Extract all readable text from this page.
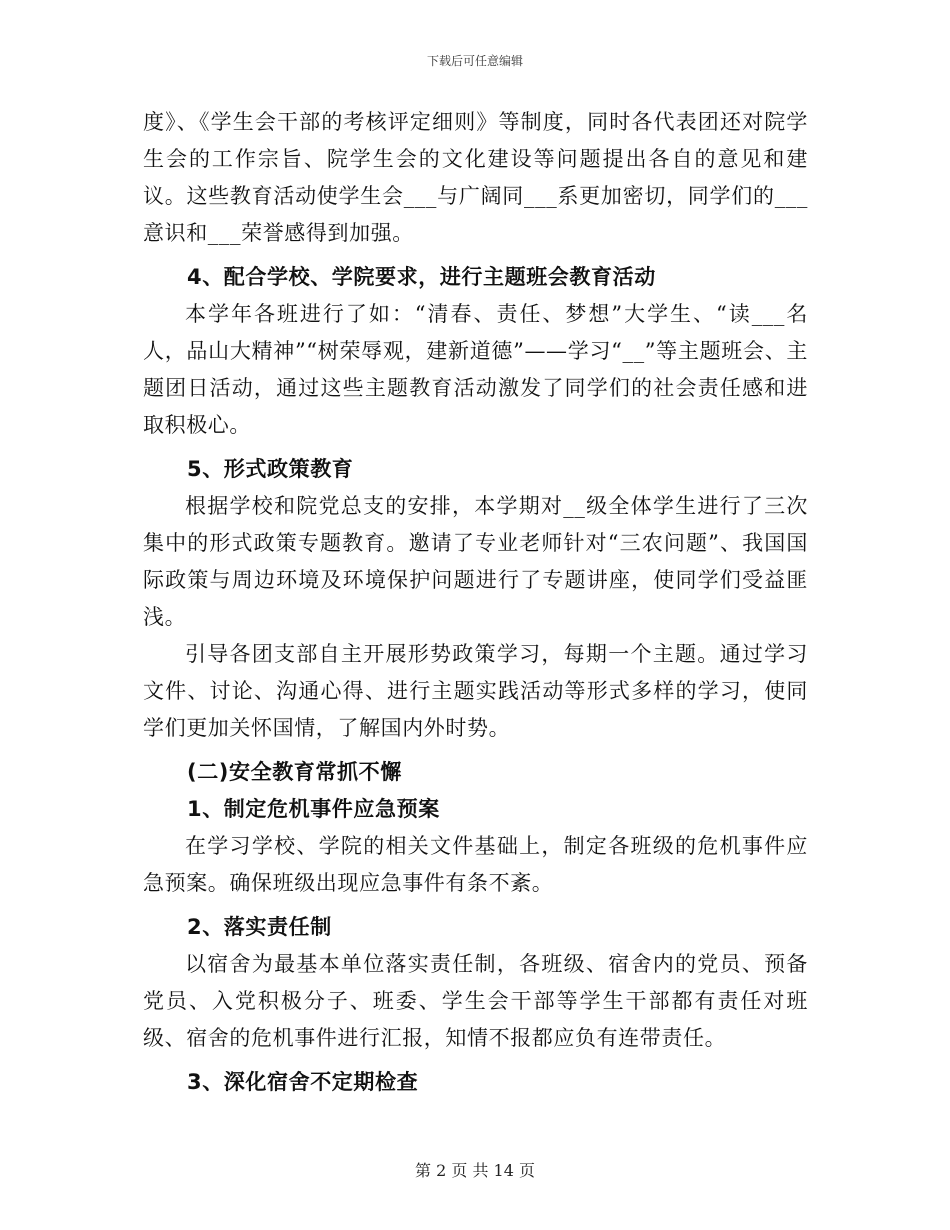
下载后可任意编辑

度》、《学生会干部的考核评定细则》等制度，同时各代表团还对院学生会的工作宗旨、院学生会的文化建设等问题提出各自的意见和建议。这些教育活动使学生会___与广阔同___系更加密切，同学们的___意识和___荣誉感得到加强。

4、配合学校、学院要求，进行主题班会教育活动

本学年各班进行了如：“清春、责任、梦想”大学生、“读___名人，品山大精神”“树荣辱观，建新道德”——学习“__”等主题班会、主题团日活动，通过这些主题教育活动激发了同学们的社会责任感和进取积极心。

5、形式政策教育

根据学校和院党总支的安排，本学期对__级全体学生进行了三次集中的形式政策专题教育。邀请了专业老师针对“三农问题”、我国国际政策与周边环境及环境保护问题进行了专题讲座，使同学们受益匪浅。

引导各团支部自主开展形势政策学习，每期一个主题。通过学习文件、讨论、沟通心得、进行主题实践活动等形式多样的学习，使同学们更加关怀国情，了解国内外时势。

(二)安全教育常抓不懈

1、制定危机事件应急预案

在学习学校、学院的相关文件基础上，制定各班级的危机事件应急预案。确保班级出现应急事件有条不紊。

2、落实责任制

以宿舍为最基本单位落实责任制，各班级、宿舍内的党员、预备党员、入党积极分子、班委、学生会干部等学生干部都有责任对班级、宿舍的危机事件进行汇报，知情不报都应负有连带责任。

3、深化宿舍不定期检查

第 2 页 共 14 页
